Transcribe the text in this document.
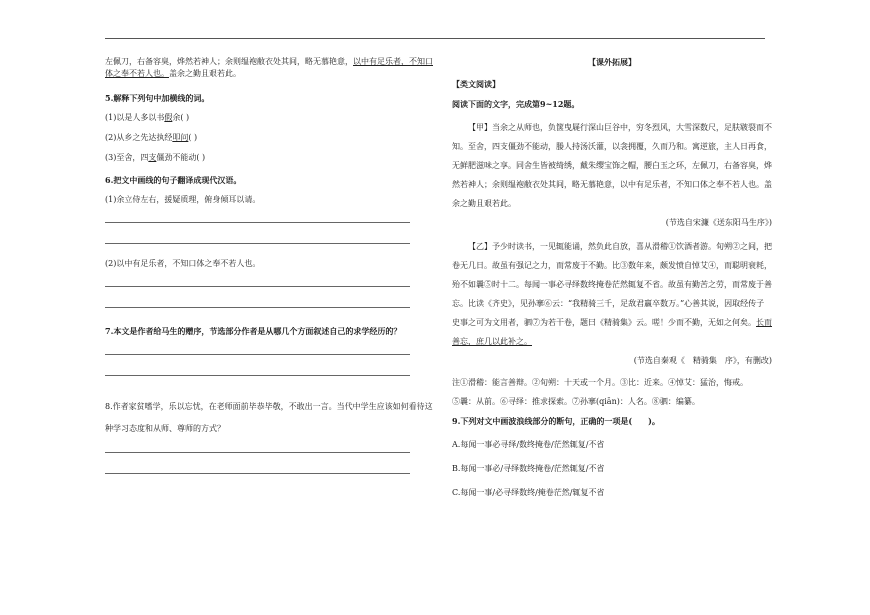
左佩刀，右备容臭，烨然若神人；余则缊袍敝衣处其间，略无慕艳意，以中有足乐者，不知口体之奉不若人也。盖余之勤且艰若此。

5.解释下列句中加横线的词。

(1)以是人多以书假余( )

(2)从乡之先达执经叩问( )

(3)至舍，四支僵劲不能动( )

6.把文中画线的句子翻译成现代汉语。

(1)余立侍左右，援疑质理，俯身倾耳以请。

(2)以中有足乐者，不知口体之奉不若人也。

7.本文是作者给马生的赠序，节选部分作者是从哪几个方面叙述自己的求学经历的？

8.作者家贫嗜学，乐以忘忧，在老师面前毕恭毕敬，不敢出一言。当代中学生应该如何看待这种学习态度和从师、尊师的方式？

【课外拓展】

【类文阅读】

阅读下面的文字，完成第9~12题。

【甲】当余之从师也，负箧曳屣行深山巨谷中，穷冬烈风，大雪深数尺，足肤皲裂而不知。至舍，四支僵劲不能动，媵人持汤沃灌，以衾拥覆，久而乃和。寓逆旅，主人日再食，无鲜肥滋味之享。同舍生皆被绮绣，戴朱缨宝饰之帽，腰白玉之环，左佩刀，右备容臭，烨然若神人；余则缊袍敝衣处其间，略无慕艳意，以中有足乐者，不知口体之奉不若人也。盖余之勤且艰若此。

(节选自宋濂《送东阳马生序》)

【乙】予少时读书，一见辄能诵，然负此自放，喜从滑稽①饮酒者游。旬朔②之间，把卷无几日。故虽有强记之力，而常废于不勤。比③数年来，颇发愤自悼艾④，而聪明衰耗，殆不如曩⑤时十二。每闻一事必寻绎数终掩卷茫然辄复不省。故虽有勤苦之劳，而常废于善忘。比读《齐史》，见孙搴⑥云：“我精骑三千，足敌君羸卒数万。”心善其说，因取经传子史事之可为文用者，驷⑦为若干卷，题曰《精骑集》云。嗟！少而不勤，无如之何矣。长而善忘，庶几以此补之。

(节选自秦观《　精骑集　序》，有删改)

注①滑稽：能言善辩。②旬朔：十天或一个月。③比：近来。④悼艾：猛治，悔戒。

⑤曩：从前。⑥寻绎：推求探索。⑦孙搴(qiān)：人名。⑧驷：编纂。

9.下列对文中画波浪线部分的断句，正确的一项是(　　)。

A.每闻一事必寻绎/数终掩卷/茫然辄复/不省

B.每闻一事必/寻绎数终掩卷/茫然辄复/不省

C.每闻一事/必寻绎数终/掩卷茫然/辄复不省
